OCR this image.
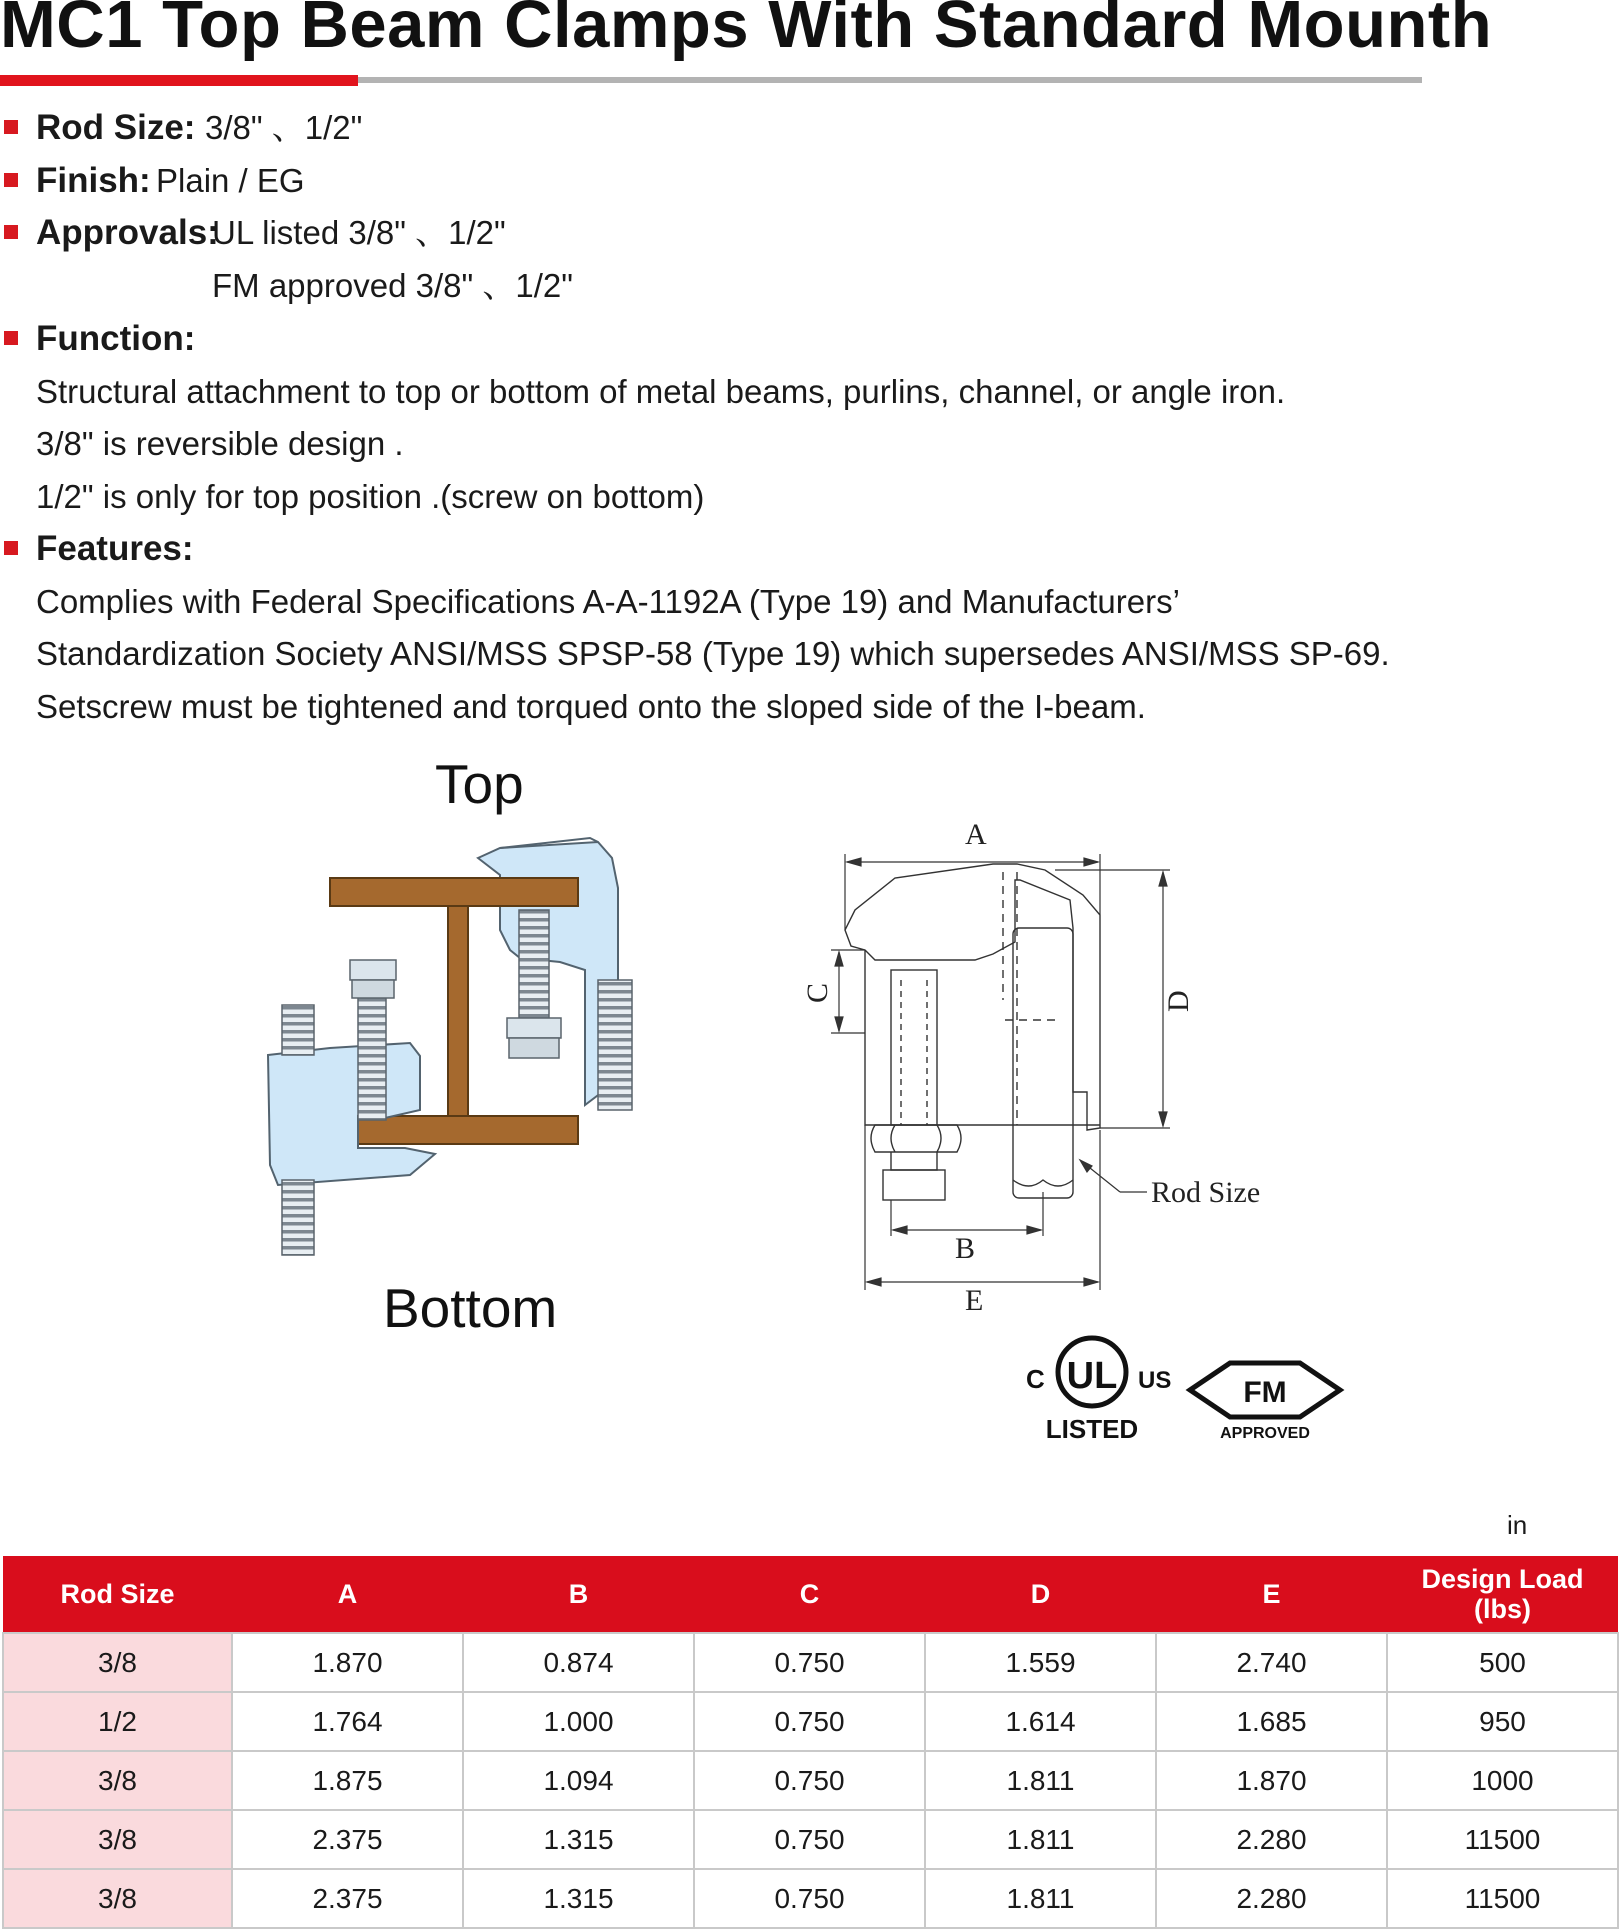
MC1 Top Beam Clamps With Standard Mounth
Rod Size: 3/8" 、1/2"
Finish: Plain / EG
Approvals:
UL listed 3/8" 、1/2"
FM approved 3/8" 、1/2"
Function:
Structural attachment to top or bottom of metal beams, purlins, channel, or angle iron.
3/8" is reversible design .
1/2" is only for top position .(screw on bottom)
Features:
Complies with Federal Specifications A-A-1192A (Type 19) and Manufacturers’
Standardization Society ANSI/MSS SPSP-58 (Type 19) which supersedes ANSI/MSS SP-69.
Setscrew must be tightened and torqued onto the sloped side of the I-beam.
Top
Bottom
A
D
C
B
E
Rod Size
UL
C	US
LISTED
FM
APPROVED
in
Rod Size	A	B	C	D	E	Design Load
(lbs)
3/8	1.870	0.874	0.750	1.559	2.740	500
1/2	1.764	1.000	0.750	1.614	1.685	950
3/8	1.875	1.094	0.750	1.811	1.870	1000
3/8	2.375	1.315	0.750	1.811	2.280	11500
3/8	2.375	1.315	0.750	1.811	2.280	11500
